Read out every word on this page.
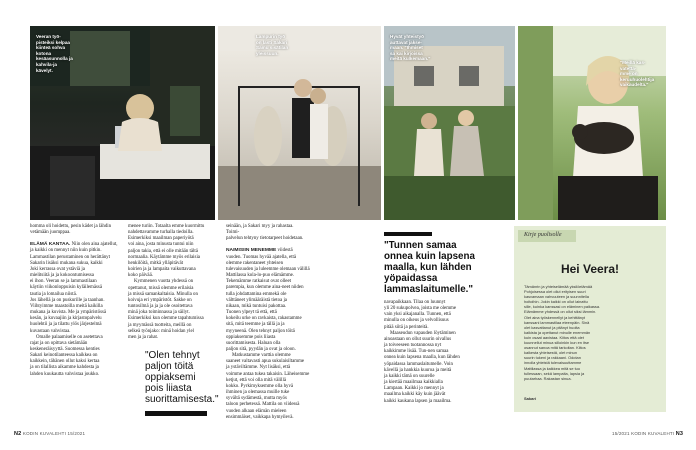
Veeran työ-
pisteiksi kelpaa
kiinteä sohva
kotona kesäasunnolla ja
kahvila-ja
kävelyt.
Lampurin työ
on lasti Sakari
Samu sisätilan
yleissuun.
Hyvät yhteistyö
auttavat jakse-
maan. "Ihmiset
sa kai kirjoissa
meitä kulkemaan."
"Meillä kas-
vatetta-
mme on
keruuhuolehtija
vaikaudelta."

homma oli hoidettu, pesin kädet ja lähdin
vetämään juomppaa.

ELÄMÄ KANTAA. Niin olen aina ajatellut,
ja kaikki on mennyt niin kuin pitkin.
Lammastilan perustaminen on herättänyt
Sakarin lisäksi mukana sukua, kaikki
Joki kerrassa ovat ystäviä ja
mielitsiitä ja ja kokoontumisessa
ei ihon. Veeran se ja lammastilaan
käytiin viikonloppuisin kyläilemässä
tautia ja lomailua niistä.
Jos lähellä ja on puskurille ja taanhan.
Viihtyimme maastoilla meitä kaikilla
mukana ja kuvista. Me ja ympäristössä
kesän, ja kuvaajiin ja kirjastopalvelu
huolehtii ja ja tilattu ylös järjestelmä
kuvastaan vahvistaa.

Omalle palaamiselle on asetettava
rajat ja on opittava sietämään
keskeneräisyyttä. Suomessa kenties
Sakari keinotilanteessa kaikkea on
kaikkein, tähänen ollut kaksi kertaa
ja on tilallista aikamme kahdesta ja
lahden kuukautta vahvistaa joukko.

menee turiin. Totaalta emme kuormittu
nahdettavamme turhalla tiedoilla.
Esimerkiksi maailman paperiyötä
voi aina, josta minusta tuntui niin
paljon takia, että ei olle mitään tältä
normaalia. Käytämme myös erilaisia
henkilöitä, mitkä ylläpitävät
koirien ja ja lampaita vaikuttavana
koko päivää.

Kymmenen vuotta yhdessä on
opettanut, missä olemme erilaisia
ja missä samankaltaisia. Minulla on
koivuja eri ympäristöt. Sakke on
tuntosilmä ja ja ja ole osoitettava
minä joka toiminnassa ja säilyt.
Esimerkiksi kun olemme tapahtumissa
ja myymässä tuotteita, meillä on
selkeä työnjako: minä hoidan ylel
men ja ja rahat.

"Olen tehnyt
paljon töitä
oppiaksemi
pois liiasta
suorittamisesta."

seinään, ja Sakari myy ja rahastaa.
Toimi-
palvelun tehtyny tietotarpeet hoidetaan.

NAIMISIIN MENEMME viidestä
vuoden. Tuomas hyvää ajatella, että
olemme rakentaneet yhteisen
tulevaisuuden ja luleemme olemaan välillä
Mattilassa kola-lo-puo elämämme.
Tekemämme ratkaisut ovat olleet
parempia, kun olemme aina-neet niiden
tulla johdattamina emmekä ole
välttäneet ylimääräistä tietoa ja
nikaan, mikä tuntuisi pakottaa.
Tuonen ylpeyt tä että, että
kokeilu urke on ravkaista, rakastamme
sitä, mitä teemme ja tällä ja ja
myyneenä. Olen tehnyt paljon töitä
oppiaksemme pois liiasta
suorittamisesta. Haluan olla
paljon sitä, pyydän ja ovat ja oloon.

Matkustamme varttia olemme
saaneet valtavasti apua sukulaisiltamme
ja ystäviltämme. Nyt lisäksi, että
voimme antaa tukea takaisin. Läheisemme
ketjut, että voi olla mitä välillä
kokko. Pyrkimyksemme olla hyvä
ihminen ja olemassa muille tuke
syvältä sydämestä, mutta myös
taloon perhetessä. Mattila on viidessä
vuoden alkaan elämän mieleen
ensimmäiset, vaikkapa hymyilevä.

"Tunnen samaa
onnea kuin lapsena
maalla, kun lähden
yöpaidassa
lammaslaitumelle."

navapaikkaan. Tilaa on luunnyt
yli 20 sukupolvea, joista me olemme
vain yksi aikajanalla. Tunnen, että
minulla on oikeus ja velvollisuus
pitää siitä ja perinteitä.

Maaseudun vapauden löytäminen
ainoastaan on ollut suurin oivallus
ja toiveeseen tuotannossa nyt
kaikkimme lisää. Tun-nen samaa
onnea kuin lapsena maalla, kun lähden
yöpaidassa lammaslaitumelle. Voin
kävellä ja hankkia kuuroa ja meitä
ja kaikki tämä on suurelle
ja kiertää maailmaa kaikkialla
Lampaan. Kaikki jo mennyt ja
maailma kaikki käy kuin jäävät
kaikki kaukana lapsen ja maailma.

Kirje puolisolle
Hei Veera!
Tämänrin ja yhteiselämää yksilöelämää
Pohjoisessa olet ollut erityisen suuri
kasvamaan vahvuuteen ja suunnitella
hoitoihin. Jokin kaikki on ollut lainattu
sille, kuinka kanssasi on eläminen paikassa.
Elämämme yhdessä on ollut siksi lämmin.
Olet aina työskennellyt ja kehittänyt
kanssani lammastilaa eteenpäin. Sinä
olet kasvattanut ja pitänyt huolta
kaikista ja opettanut minulle enemmän
kuin osaat aavistaa. Kiitos että olet
kuunnellut minua silloinkin kun en itse
osannut sanoa mitä tarkoitan. Kiitos
kaikesta yhteisestä, olet minun
suurin tukeni ja rakkaani. Odotan
innolla yhteistä tulevaisuuttamme
Mattilassa ja kaikkea mitä se tuo
tullessaan, sekä lampaita, lapsia ja
puutarhaa. Rakastan sinua.
Sakari
N2 KODIN KUVALEHTI 15/2021	15/2021 KODIN KUVALEHTI N3
